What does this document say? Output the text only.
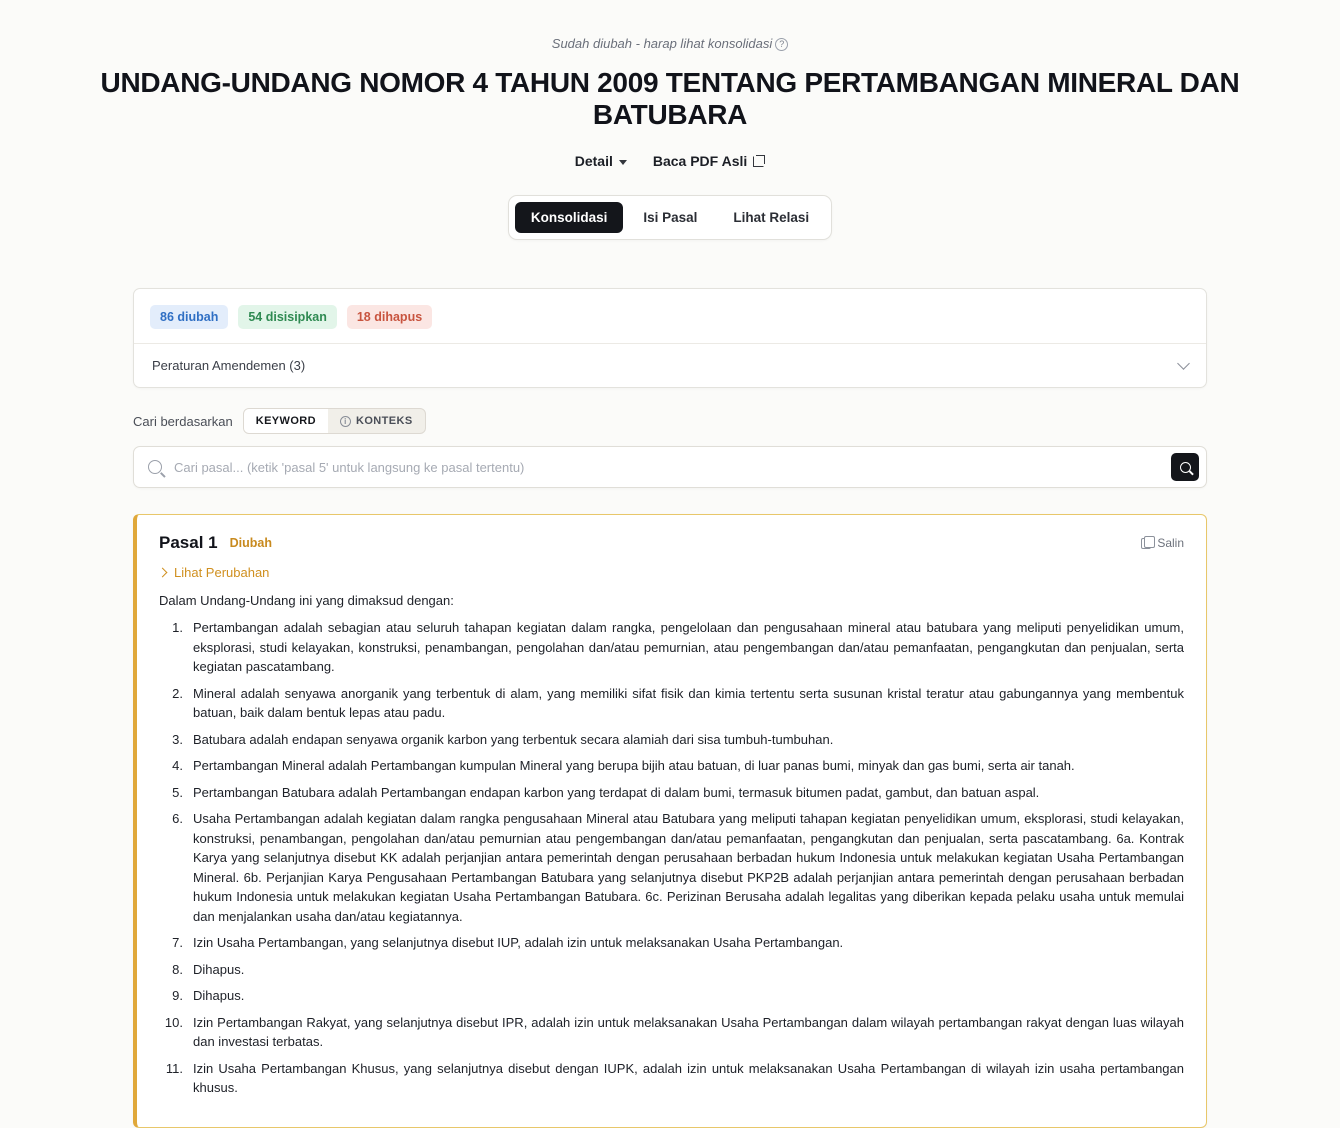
Sudah diubah - harap lihat konsolidasi ?
UNDANG-UNDANG NOMOR 4 TAHUN 2009 TENTANG PERTAMBANGAN MINERAL DAN BATUBARA
Detail	Baca PDF Asli
Konsolidasi	Isi Pasal	Lihat Relasi
86 diubah	54 disisipkan	18 dihapus
Peraturan Amendemen (3)
Cari berdasarkan	KEYWORD	i KONTEKS
Cari pasal... (ketik 'pasal 5' untuk langsung ke pasal tertentu)
Pasal 1 Diubah	Salin
Lihat Perubahan
Dalam Undang-Undang ini yang dimaksud dengan:
1. Pertambangan adalah sebagian atau seluruh tahapan kegiatan dalam rangka, pengelolaan dan pengusahaan mineral atau batubara yang meliputi penyelidikan umum, eksplorasi, studi kelayakan, konstruksi, penambangan, pengolahan dan/atau pemurnian, atau pengembangan dan/atau pemanfaatan, pengangkutan dan penjualan, serta kegiatan pascatambang.
2. Mineral adalah senyawa anorganik yang terbentuk di alam, yang memiliki sifat fisik dan kimia tertentu serta susunan kristal teratur atau gabungannya yang membentuk batuan, baik dalam bentuk lepas atau padu.
3. Batubara adalah endapan senyawa organik karbon yang terbentuk secara alamiah dari sisa tumbuh-tumbuhan.
4. Pertambangan Mineral adalah Pertambangan kumpulan Mineral yang berupa bijih atau batuan, di luar panas bumi, minyak dan gas bumi, serta air tanah.
5. Pertambangan Batubara adalah Pertambangan endapan karbon yang terdapat di dalam bumi, termasuk bitumen padat, gambut, dan batuan aspal.
6. Usaha Pertambangan adalah kegiatan dalam rangka pengusahaan Mineral atau Batubara yang meliputi tahapan kegiatan penyelidikan umum, eksplorasi, studi kelayakan, konstruksi, penambangan, pengolahan dan/atau pemurnian atau pengembangan dan/atau pemanfaatan, pengangkutan dan penjualan, serta pascatambang. 6a. Kontrak Karya yang selanjutnya disebut KK adalah perjanjian antara pemerintah dengan perusahaan berbadan hukum Indonesia untuk melakukan kegiatan Usaha Pertambangan Mineral. 6b. Perjanjian Karya Pengusahaan Pertambangan Batubara yang selanjutnya disebut PKP2B adalah perjanjian antara pemerintah dengan perusahaan berbadan hukum Indonesia untuk melakukan kegiatan Usaha Pertambangan Batubara. 6c. Perizinan Berusaha adalah legalitas yang diberikan kepada pelaku usaha untuk memulai dan menjalankan usaha dan/atau kegiatannya.
7. Izin Usaha Pertambangan, yang selanjutnya disebut IUP, adalah izin untuk melaksanakan Usaha Pertambangan.
8. Dihapus.
9. Dihapus.
10. Izin Pertambangan Rakyat, yang selanjutnya disebut IPR, adalah izin untuk melaksanakan Usaha Pertambangan dalam wilayah pertambangan rakyat dengan luas wilayah dan investasi terbatas.
11. Izin Usaha Pertambangan Khusus, yang selanjutnya disebut dengan IUPK, adalah izin untuk melaksanakan Usaha Pertambangan di wilayah izin usaha pertambangan khusus.
